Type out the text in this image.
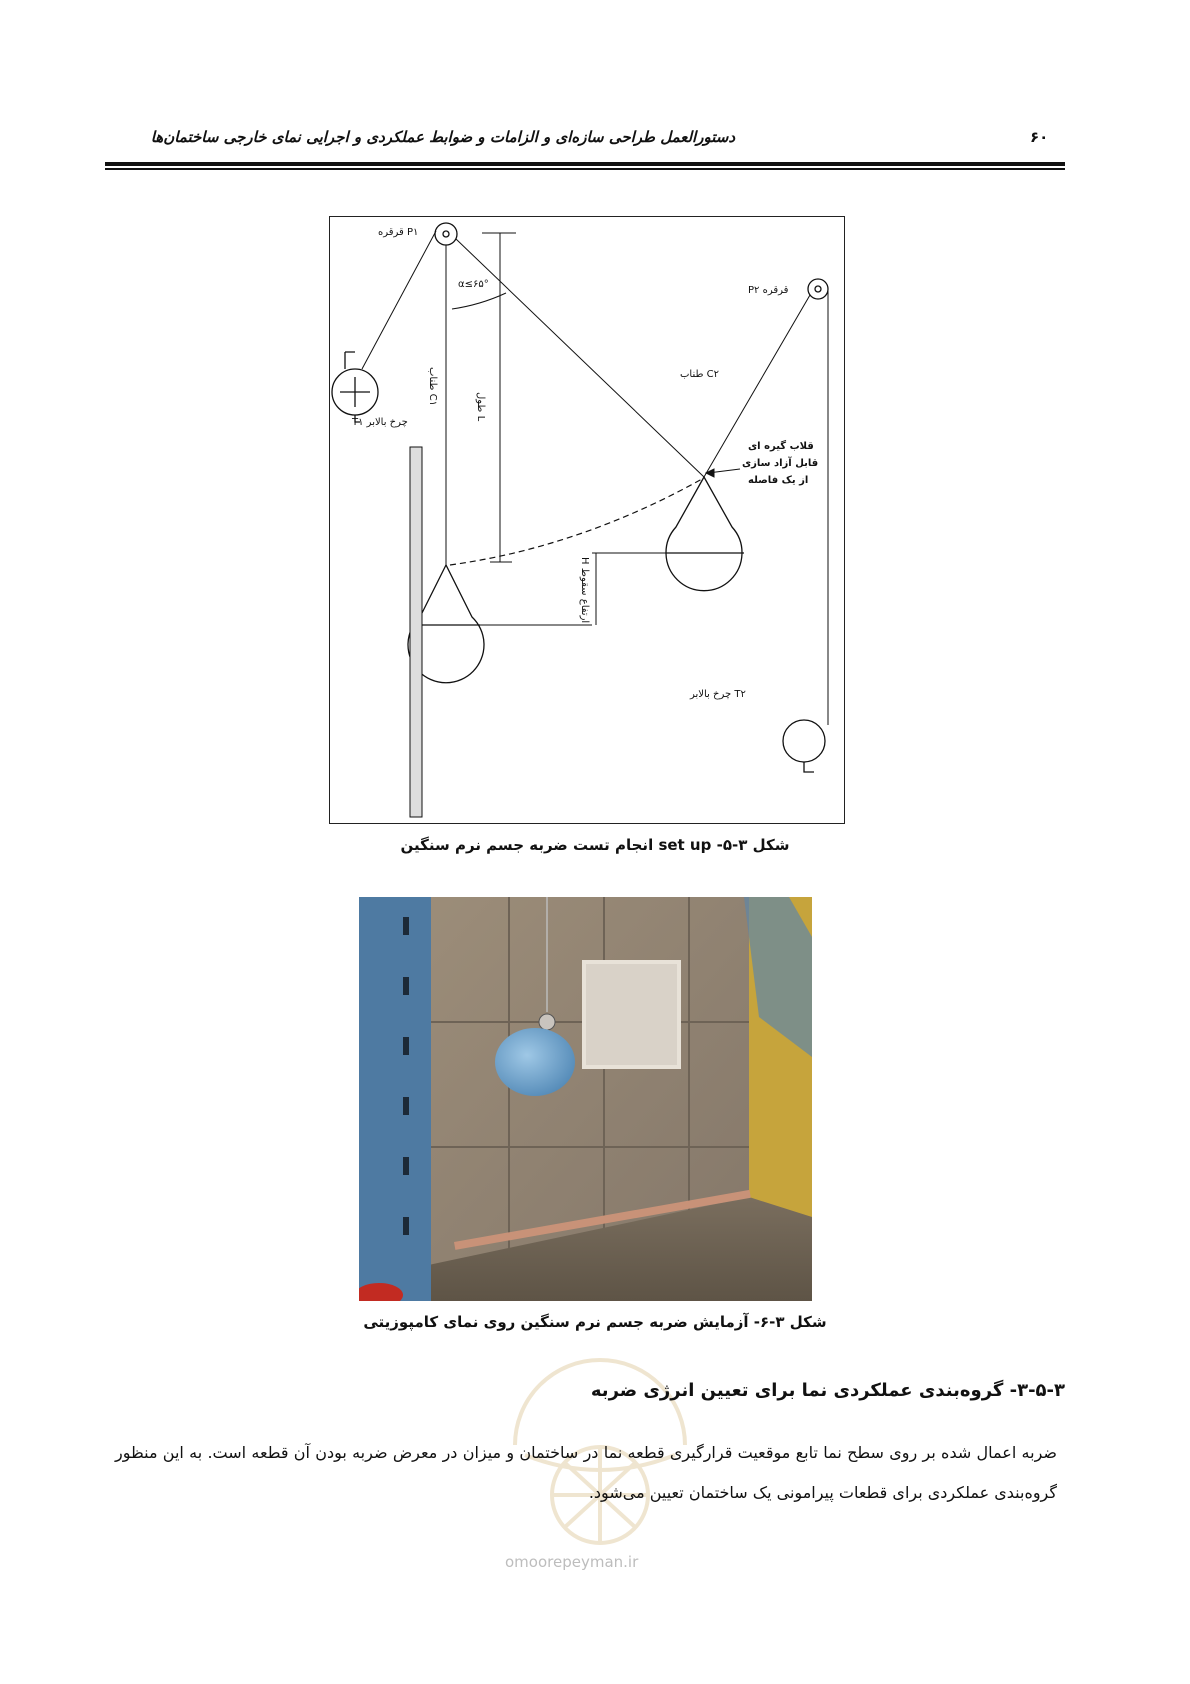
دستورالعمل طراحی سازه‌ای و الزامات و ضوابط عملکردی و اجرایی نمای خارجی ساختمان‌ها	۶۰
قرقره P۱
P۲ قرقره
α≤۶۵°
طناب C۱
طناب C۲
طول L
قلاب گیره ای
قابل آزاد سازی
از یک فاصله
H ارتفاع سقوط
T۱ چرخ بالابر
چرخ بالابر T۲
شکل ۳-۵- set up انجام تست ضربه جسم نرم سنگین
شکل ۳-۶- آزمایش ضربه جسم نرم سنگین روی نمای کامپوزیتی
omoorepeyman.ir
۳-۵-۳- گروه‌بندی عملکردی نما برای تعیین انرژی ضربه
ضربه اعمال شده بر روی سطح نما تابع موقعیت قرارگیری قطعه نما در ساختمان و میزان در معرض ضربه بودن آن قطعه است. به این منظور گروه‌بندی عملکردی برای قطعات پیرامونی یک ساختمان تعیین می‌شود.
